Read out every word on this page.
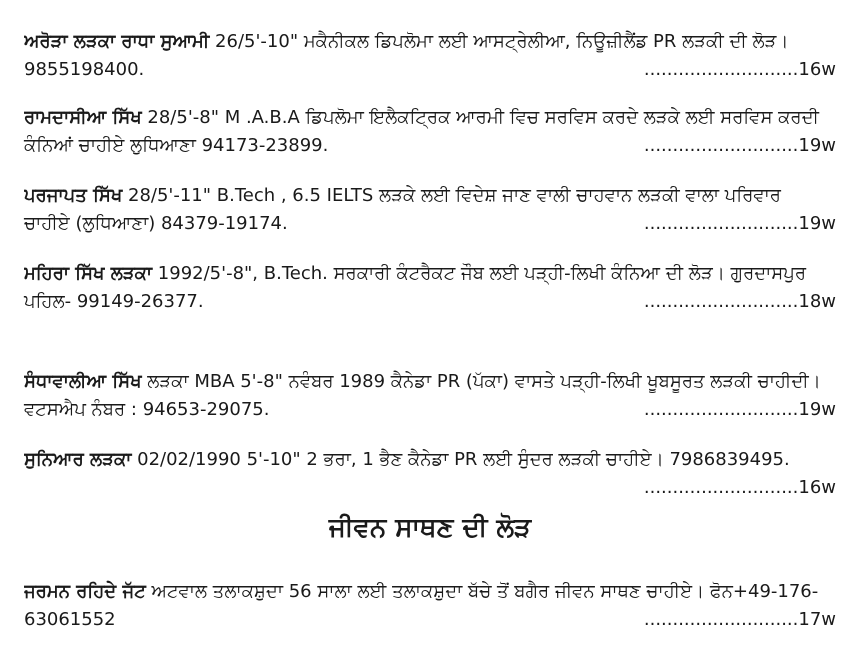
ਅਰੋੜਾ ਲੜਕਾ ਰਾਧਾ ਸੁਆਮੀ 26/5'-10" ਮਕੈਨੀਕਲ ਡਿਪਲੋਮਾ ਲਈ ਆਸਟ੍ਰੇਲੀਆ, ਨਿਊਜ਼ੀਲੈਂਡ PR ਲੜਕੀ ਦੀ ਲੋੜ।
9855198400.	...........................16w
ਰਾਮਦਾਸੀਆ ਸਿੱਖ 28/5'-8" M .A.B.A ਡਿਪਲੋਮਾ ਇਲੈਕਟ੍ਰਿਕ ਆਰਮੀ ਵਿਚ ਸਰਵਿਸ ਕਰਦੇ ਲੜਕੇ ਲਈ ਸਰਵਿਸ ਕਰਦੀ
ਕੰਨਿਆਂ ਚਾਹੀਏ ਲੁਧਿਆਣਾ 94173-23899.	...........................19w
ਪਰਜਾਪਤ ਸਿੱਖ 28/5'-11" B.Tech , 6.5 IELTS ਲੜਕੇ ਲਈ ਵਿਦੇਸ਼ ਜਾਣ ਵਾਲੀ ਚਾਹਵਾਨ ਲੜਕੀ ਵਾਲਾ ਪਰਿਵਾਰ
ਚਾਹੀਏ (ਲੁਧਿਆਣਾ) 84379-19174.	...........................19w
ਮਹਿਰਾ ਸਿੱਖ ਲੜਕਾ 1992/5'-8", B.Tech. ਸਰਕਾਰੀ ਕੰਟਰੈਕਟ ਜੌਬ ਲਈ ਪੜ੍ਹੀ-ਲਿਖੀ ਕੰਨਿਆ ਦੀ ਲੋੜ। ਗੁਰਦਾਸਪੁਰ
ਪਹਿਲ- 99149-26377.	...........................18w
ਸੰਧਾਵਾਲੀਆ ਸਿੱਖ ਲੜਕਾ MBA 5'-8" ਨਵੰਬਰ 1989 ਕੈਨੇਡਾ PR (ਪੱਕਾ) ਵਾਸਤੇ ਪੜ੍ਹੀ-ਲਿਖੀ ਖੂਬਸੂਰਤ ਲੜਕੀ ਚਾਹੀਦੀ।
ਵਟਸਐਪ ਨੰਬਰ : 94653-29075.	...........................19w
ਸੁਨਿਆਰ ਲੜਕਾ 02/02/1990 5'-10" 2 ਭਰਾ, 1 ਭੈਣ ਕੈਨੇਡਾ PR ਲਈ ਸੁੰਦਰ ਲੜਕੀ ਚਾਹੀਏ। 7986839495.
...........................16w
ਜੀਵਨ ਸਾਥਣ ਦੀ ਲੋੜ
ਜਰਮਨ ਰਹਿਦੇ ਜੱਟ ਅਟਵਾਲ ਤਲਾਕਸ਼ੁਦਾ 56 ਸਾਲਾ ਲਈ ਤਲਾਕਸ਼ੁਦਾ ਬੱਚੇ ਤੋਂ ਬਗੈਰ ਜੀਵਨ ਸਾਥਣ ਚਾਹੀਏ। ਫੋਨ+49-176-
63061552	...........................17w
